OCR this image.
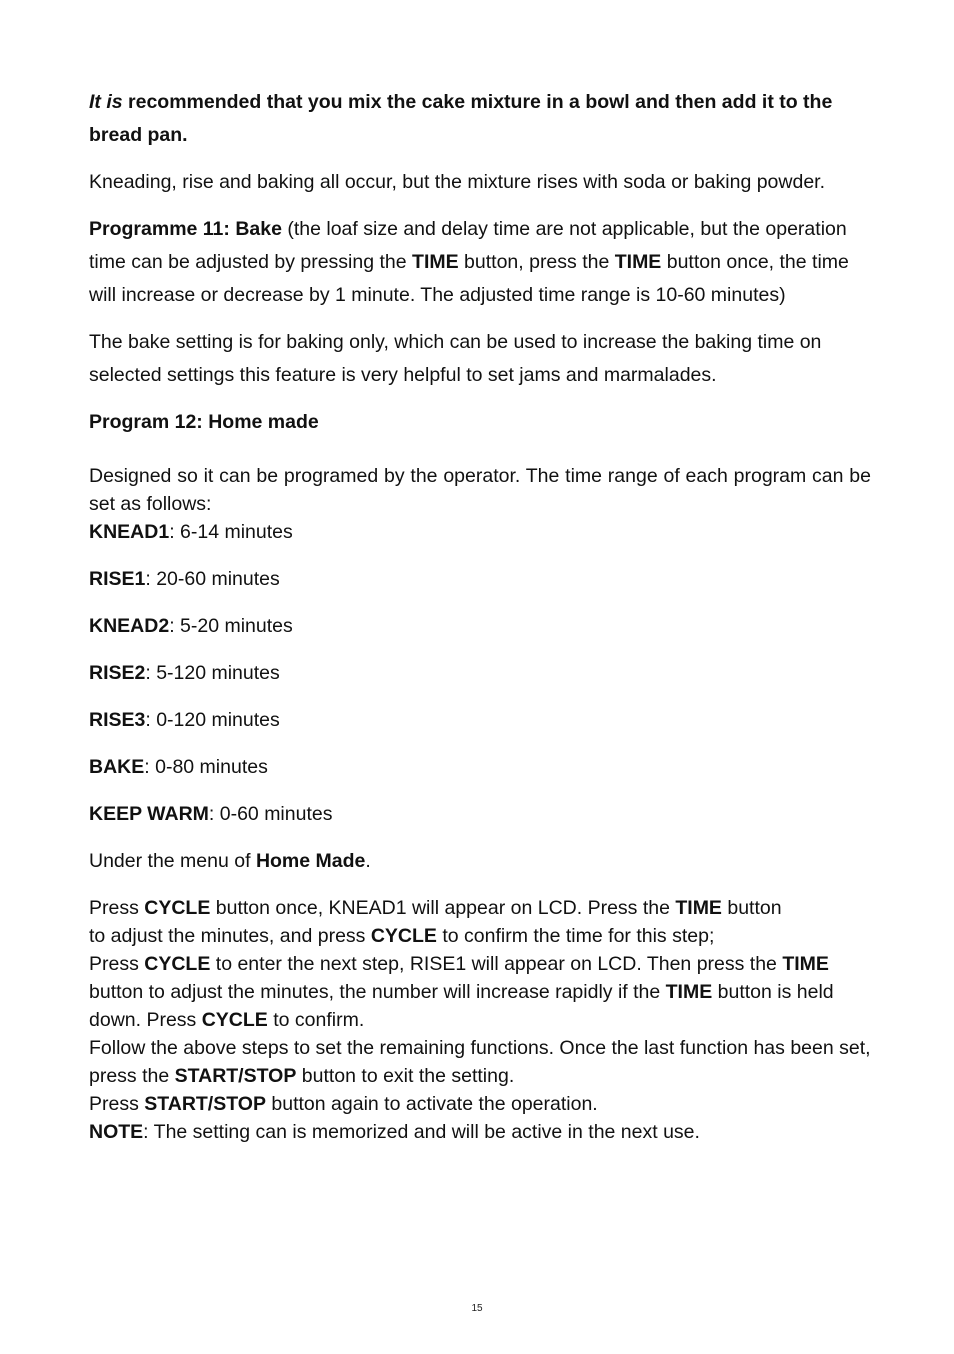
It is recommended that you mix the cake mixture in a bowl and then add it to the bread pan.

Kneading, rise and baking all occur, but the mixture rises with soda or baking powder.

Programme 11: Bake (the loaf size and delay time are not applicable, but the operation time can be adjusted by pressing the TIME button, press the TIME button once, the time will increase or decrease by 1 minute. The adjusted time range is 10-60 minutes)

The bake setting is for baking only, which can be used to increase the baking time on selected settings this feature is very helpful to set jams and marmalades.

Program 12: Home made

Designed so it can be programed by the operator. The time range of each program can be set as follows:

KNEAD1: 6-14 minutes

RISE1: 20-60 minutes

KNEAD2: 5-20 minutes

RISE2: 5-120 minutes

RISE3: 0-120 minutes

BAKE: 0-80 minutes

KEEP WARM: 0-60 minutes

Under the menu of Home Made.

Press CYCLE button once, KNEAD1 will appear on LCD. Press the TIME button

to adjust the minutes, and press CYCLE to confirm the time for this step;

Press CYCLE to enter the next step, RISE1 will appear on LCD. Then press the TIME button to adjust the minutes, the number will increase rapidly if the TIME button is held down. Press CYCLE to confirm.

Follow the above steps to set the remaining functions. Once the last function has been set, press the START/STOP button to exit the setting.

Press START/STOP button again to activate the operation.

NOTE: The setting can is memorized and will be active in the next use.

15
